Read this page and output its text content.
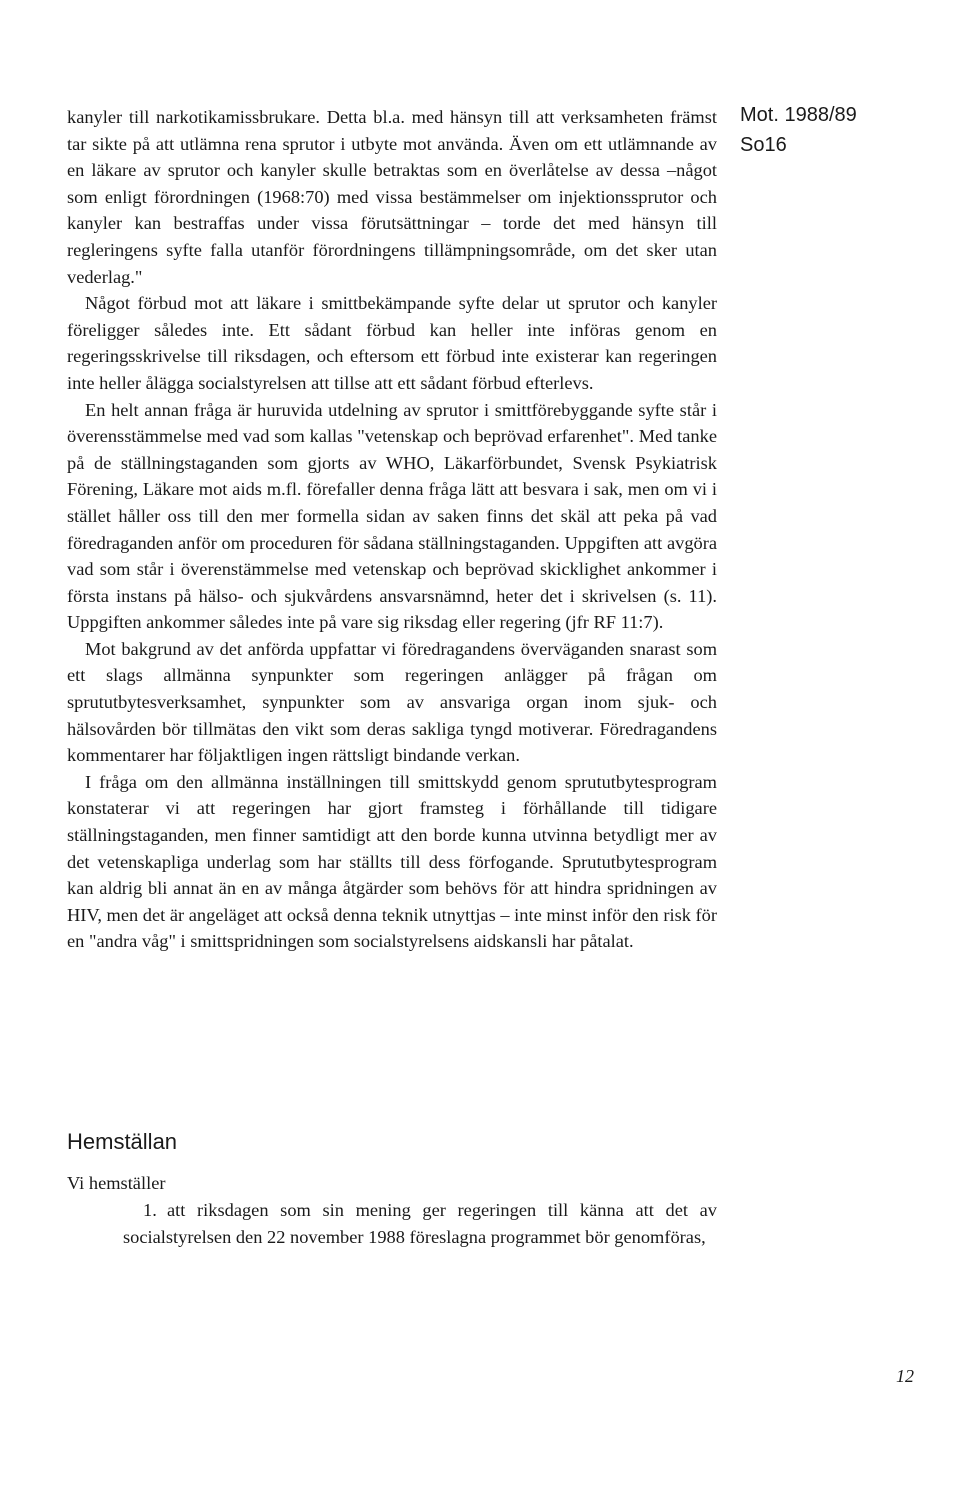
Mot. 1988/89
So16

kanyler till narkotikamissbrukare. Detta bl.a. med hänsyn till att verksamheten främst tar sikte på att utlämna rena sprutor i utbyte mot använda. Även om ett utlämnande av en läkare av sprutor och kanyler skulle betraktas som en överlåtelse av dessa –något som enligt förordningen (1968:70) med vissa bestämmelser om injektionssprutor och kanyler kan bestraffas under vissa förutsättningar – torde det med hänsyn till regleringens syfte falla utanför förordningens tillämpningsområde, om det sker utan vederlag."

Något förbud mot att läkare i smittbekämpande syfte delar ut sprutor och kanyler föreligger således inte. Ett sådant förbud kan heller inte införas genom en regeringsskrivelse till riksdagen, och eftersom ett förbud inte existerar kan regeringen inte heller ålägga socialstyrelsen att tillse att ett sådant förbud efterlevs.

En helt annan fråga är huruvida utdelning av sprutor i smittförebyggande syfte står i överensstämmelse med vad som kallas "vetenskap och beprövad erfarenhet". Med tanke på de ställningstaganden som gjorts av WHO, Läkarförbundet, Svensk Psykiatrisk Förening, Läkare mot aids m.fl. förefaller denna fråga lätt att besvara i sak, men om vi i stället håller oss till den mer formella sidan av saken finns det skäl att peka på vad föredraganden anför om proceduren för sådana ställningstaganden. Uppgiften att avgöra vad som står i överenstämmelse med vetenskap och beprövad skicklighet ankommer i första instans på hälso- och sjukvårdens ansvarsnämnd, heter det i skrivelsen (s. 11). Uppgiften ankommer således inte på vare sig riksdag eller regering (jfr RF 11:7).

Mot bakgrund av det anförda uppfattar vi föredragandens överväganden snarast som ett slags allmänna synpunkter som regeringen anlägger på frågan om sprututbytesverksamhet, synpunkter som av ansvariga organ inom sjuk- och hälsovården bör tillmätas den vikt som deras sakliga tyngd motiverar. Föredragandens kommentarer har följaktligen ingen rättsligt bindande verkan.

I fråga om den allmänna inställningen till smittskydd genom sprututbytesprogram konstaterar vi att regeringen har gjort framsteg i förhållande till tidigare ställningstaganden, men finner samtidigt att den borde kunna utvinna betydligt mer av det vetenskapliga underlag som har ställts till dess förfogande. Sprututbytesprogram kan aldrig bli annat än en av många åtgärder som behövs för att hindra spridningen av HIV, men det är angeläget att också denna teknik utnyttjas – inte minst inför den risk för en "andra våg" i smittspridningen som socialstyrelsens aidskansli har påtalat.

Hemställan
Vi hemställer
1. att riksdagen som sin mening ger regeringen till känna att det av socialstyrelsen den 22 november 1988 föreslagna programmet bör genomföras,
12
